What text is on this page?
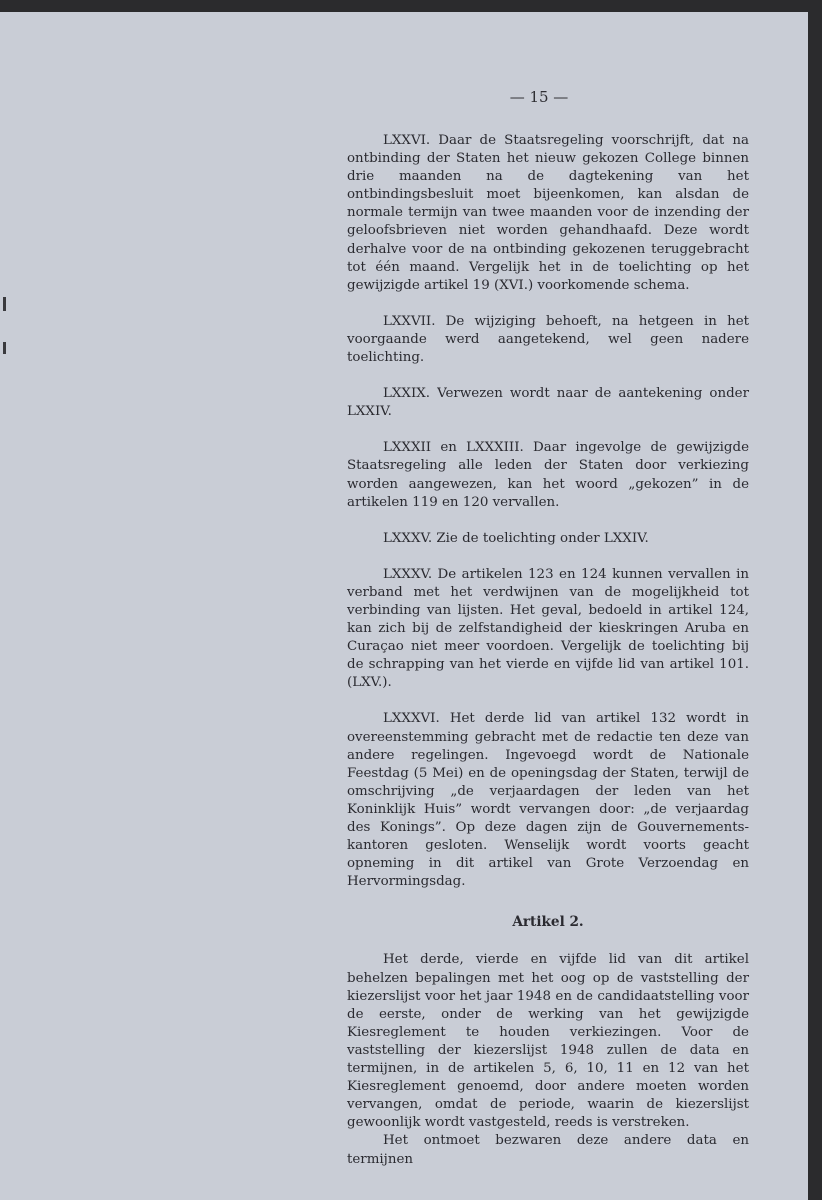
— 15 —

LXXVI. Daar de Staatsregeling voorschrijft, dat na ontbinding der Staten het nieuw gekozen College binnen drie maanden na de dagtekening van het ontbindingsbesluit moet bijeenkomen, kan alsdan de normale termijn van twee maanden voor de inzending der geloofsbrieven niet worden gehandhaafd. Deze wordt derhalve voor de na ontbinding gekozenen teruggebracht tot één maand. Vergelijk het in de toelichting op het gewijzigde artikel 19 (XVI.) voorkomende schema.

LXXVII. De wijziging behoeft, na hetgeen in het voorgaande werd aangetekend, wel geen nadere toelichting.

LXXIX. Verwezen wordt naar de aantekening onder LXXIV.

LXXXII en LXXXIII. Daar ingevolge de gewijzigde Staatsregeling alle leden der Staten door verkiezing worden aangewezen, kan het woord „gekozen” in de artikelen 119 en 120 vervallen.

LXXXV. Zie de toelichting onder LXXIV.

LXXXV. De artikelen 123 en 124 kunnen vervallen in verband met het verdwijnen van de mogelijkheid tot verbinding van lijsten. Het geval, bedoeld in artikel 124, kan zich bij de zelfstandigheid der kieskringen Aruba en Curaçao niet meer voordoen. Vergelijk de toelichting bij de schrapping van het vierde en vijfde lid van artikel 101. (LXV.).

LXXXVI. Het derde lid van artikel 132 wordt in overeenstemming gebracht met de redactie ten deze van andere regelingen. Ingevoegd wordt de Nationale Feestdag (5 Mei) en de openingsdag der Staten, terwijl de omschrijving „de verjaardagen der leden van het Koninklijk Huis” wordt vervangen door: „de verjaardag des Konings”. Op deze dagen zijn de Gouvernements-kantoren gesloten. Wenselijk wordt voorts geacht opneming in dit artikel van Grote Verzoendag en Hervormingsdag.

Artikel 2.

Het derde, vierde en vijfde lid van dit artikel behelzen bepalingen met het oog op de vaststelling der kiezerslijst voor het jaar 1948 en de candidaatstelling voor de eerste, onder de werking van het gewijzigde Kiesreglement te houden verkiezingen. Voor de vaststelling der kiezerslijst 1948 zullen de data en termijnen, in de artikelen 5, 6, 10, 11 en 12 van het Kiesreglement genoemd, door andere moeten worden vervangen, omdat de periode, waarin de kiezerslijst gewoonlijk wordt vastgesteld, reeds is verstreken.

Het ontmoet bezwaren deze andere data en termijnen
